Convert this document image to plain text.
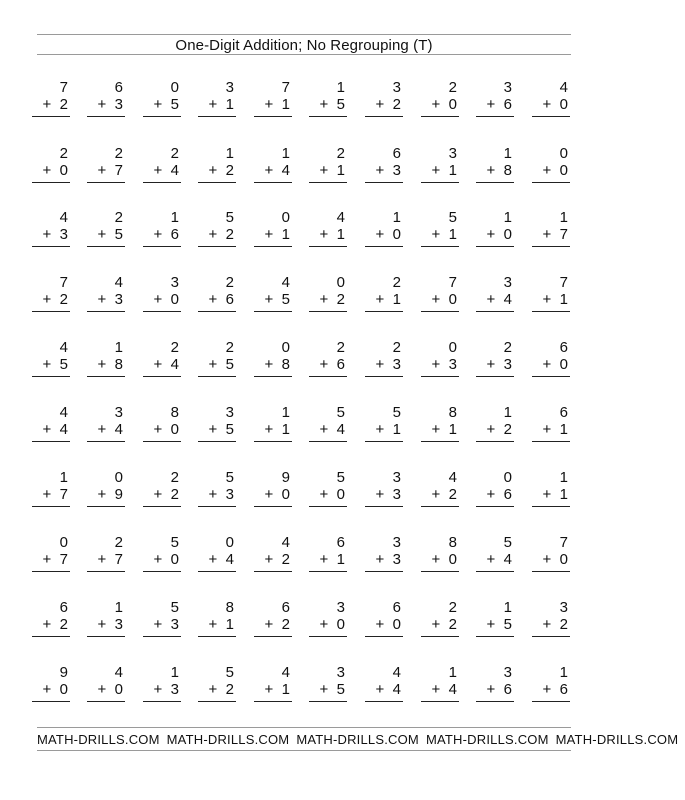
One-Digit Addition; No Regrouping (T)
7
+ 2
6
+ 3
0
+ 5
3
+ 1
7
+ 1
1
+ 5
3
+ 2
2
+ 0
3
+ 6
4
+ 0
2
+ 0
2
+ 7
2
+ 4
1
+ 2
1
+ 4
2
+ 1
6
+ 3
3
+ 1
1
+ 8
0
+ 0
4
+ 3
2
+ 5
1
+ 6
5
+ 2
0
+ 1
4
+ 1
1
+ 0
5
+ 1
1
+ 0
1
+ 7
7
+ 2
4
+ 3
3
+ 0
2
+ 6
4
+ 5
0
+ 2
2
+ 1
7
+ 0
3
+ 4
7
+ 1
4
+ 5
1
+ 8
2
+ 4
2
+ 5
0
+ 8
2
+ 6
2
+ 3
0
+ 3
2
+ 3
6
+ 0
4
+ 4
3
+ 4
8
+ 0
3
+ 5
1
+ 1
5
+ 4
5
+ 1
8
+ 1
1
+ 2
6
+ 1
1
+ 7
0
+ 9
2
+ 2
5
+ 3
9
+ 0
5
+ 0
3
+ 3
4
+ 2
0
+ 6
1
+ 1
0
+ 7
2
+ 7
5
+ 0
0
+ 4
4
+ 2
6
+ 1
3
+ 3
8
+ 0
5
+ 4
7
+ 0
6
+ 2
1
+ 3
5
+ 3
8
+ 1
6
+ 2
3
+ 0
6
+ 0
2
+ 2
1
+ 5
3
+ 2
9
+ 0
4
+ 0
1
+ 3
5
+ 2
4
+ 1
3
+ 5
4
+ 4
1
+ 4
3
+ 6
1
+ 6
MATH-DRILLS.COM MATH-DRILLS.COM MATH-DRILLS.COM MATH-DRILLS.COM MATH-DRILLS.COM
